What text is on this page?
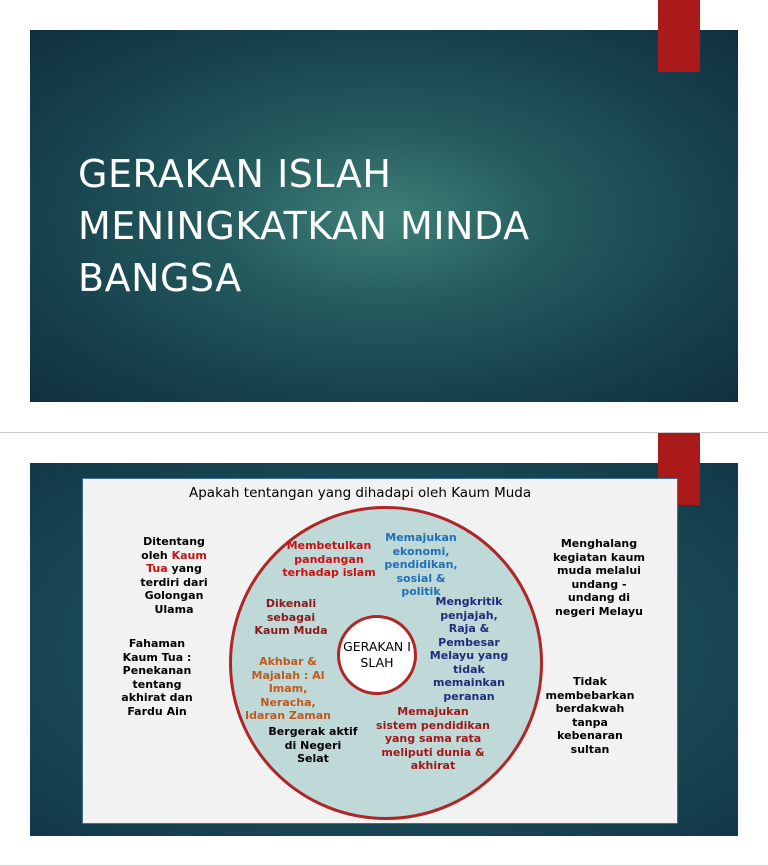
GERAKAN ISLAH
MENINGKATKAN MINDA
BANGSA
Apakah tentangan yang dihadapi oleh Kaum Muda
Ditentang oleh Kaum Tua yang terdiri dari Golongan Ulama
Fahaman Kaum Tua : Penekanan tentang akhirat dan Fardu Ain
Menghalang kegiatan kaum muda melalui undang - undang di negeri Melayu
Tidak membebarkan berdakwah tanpa kebenaran sultan
Membetulkan pandangan terhadap islam
Memajukan ekonomi, pendidikan, sosial & politik
Dikenali sebagai Kaum Muda
Mengkritik penjajah, Raja & Pembesar Melayu yang tidak memainkan peranan
Akhbar & Majalah : Al Imam, Neracha, Idaran Zaman
Bergerak aktif di Negeri Selat
Memajukan sistem pendidikan yang sama rata meliputi dunia & akhirat
GERAKAN ISLAH
